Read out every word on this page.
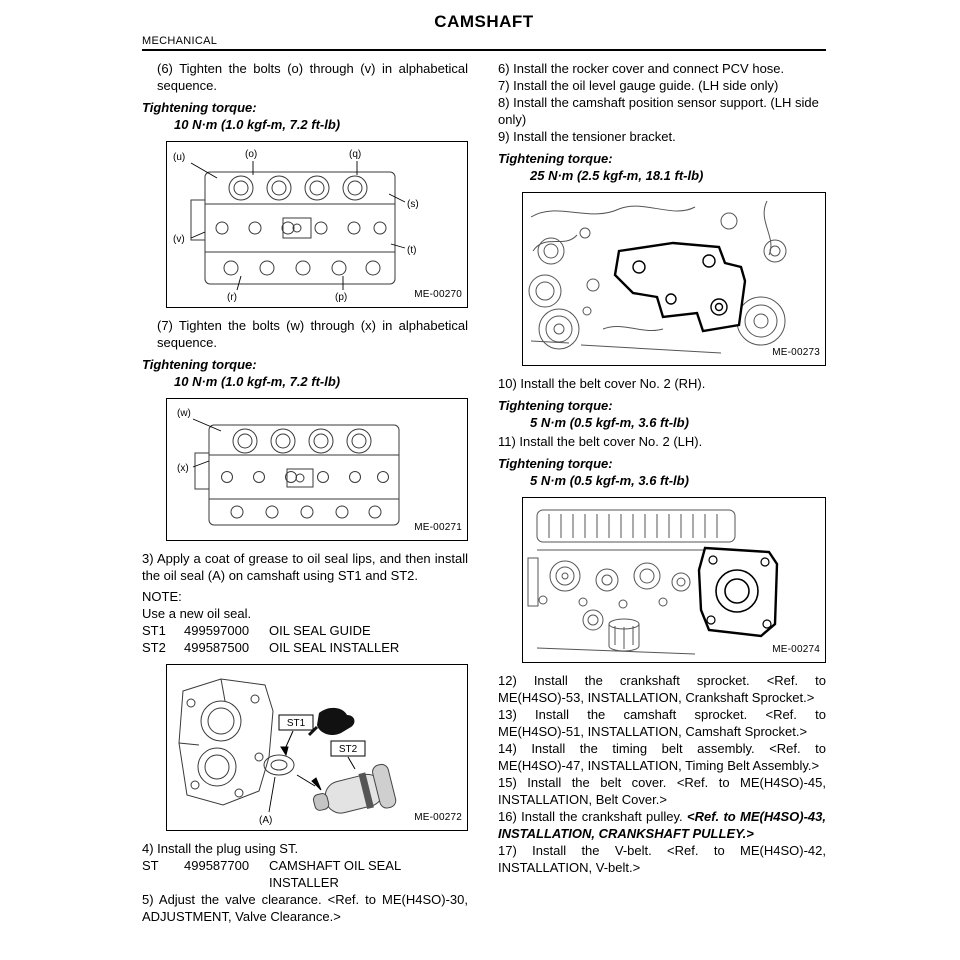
CAMSHAFT
MECHANICAL

(6) Tighten the bolts (o) through (v) in alphabetical sequence.

Tightening torque:

10 N·m (1.0 kgf-m, 7.2 ft-lb)

(u)	(o)	(q)
(s)
(v)
(t)
(r)	(p)	ME-00270

(7) Tighten the bolts (w) through (x) in alphabetical sequence.

Tightening torque:

10 N·m (1.0 kgf-m, 7.2 ft-lb)

(w)
(x)
ME-00271

3) Apply a coat of grease to oil seal lips, and then install the oil seal (A) on camshaft using ST1 and ST2.

NOTE:

Use a new oil seal.

ST1	499597000	OIL SEAL GUIDE
ST2	499587500	OIL SEAL INSTALLER
ST1
ST2
(A)	ME-00272

4) Install the plug using ST.

ST	499587700	CAMSHAFT OIL SEAL INSTALLER

5) Adjust the valve clearance. <Ref. to ME(H4SO)-30, ADJUSTMENT, Valve Clearance.>

6) Install the rocker cover and connect PCV hose.

7) Install the oil level gauge guide. (LH side only)

8) Install the camshaft position sensor support. (LH side only)

9) Install the tensioner bracket.

Tightening torque:

25 N·m (2.5 kgf-m, 18.1 ft-lb)

ME-00273

10) Install the belt cover No. 2 (RH).

Tightening torque:

5 N·m (0.5 kgf-m, 3.6 ft-lb)

11) Install the belt cover No. 2 (LH).

Tightening torque:

5 N·m (0.5 kgf-m, 3.6 ft-lb)

ME-00274

12) Install the crankshaft sprocket. <Ref. to ME(H4SO)-53, INSTALLATION, Crankshaft Sprocket.>

13) Install the camshaft sprocket. <Ref. to ME(H4SO)-51, INSTALLATION, Camshaft Sprocket.>

14) Install the timing belt assembly. <Ref. to ME(H4SO)-47, INSTALLATION, Timing Belt Assembly.>

15) Install the belt cover. <Ref. to ME(H4SO)-45, INSTALLATION, Belt Cover.>

16) Install the crankshaft pulley. <Ref. to ME(H4SO)-43, INSTALLATION, CRANKSHAFT PULLEY.>

17) Install the V-belt. <Ref. to ME(H4SO)-42, INSTALLATION, V-belt.>
